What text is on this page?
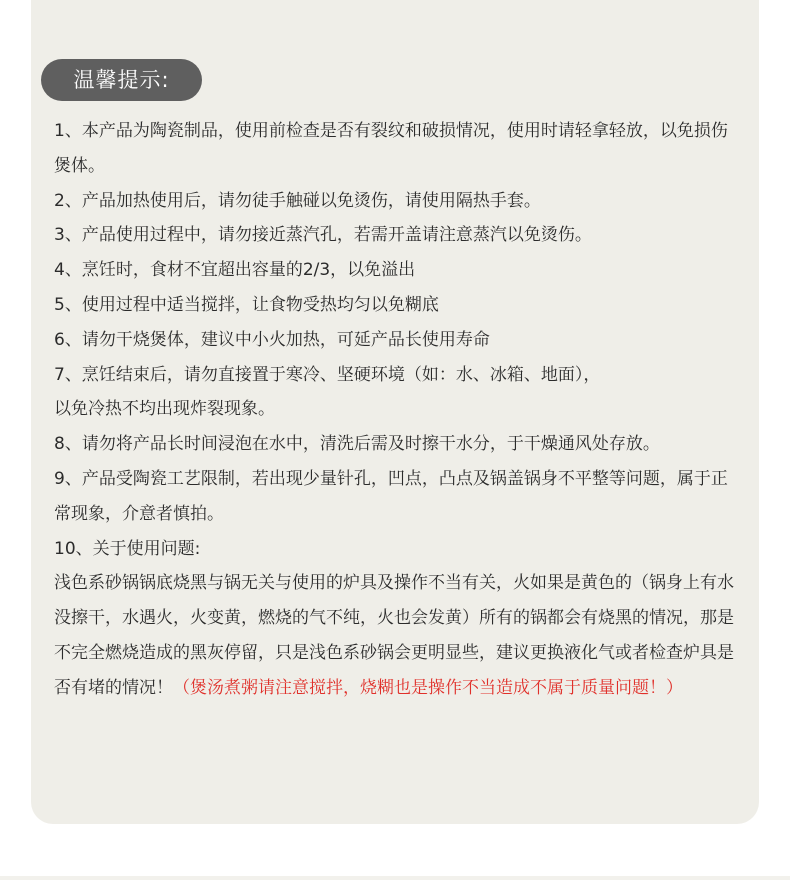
温馨提示:

1、本产品为陶瓷制品，使用前检查是否有裂纹和破损情况，使用时请轻拿轻放，以免损伤煲体。

2、产品加热使用后，请勿徒手触碰以免烫伤，请使用隔热手套。

3、产品使用过程中，请勿接近蒸汽孔，若需开盖请注意蒸汽以免烫伤。

4、烹饪时，食材不宜超出容量的2/3，以免溢出

5、使用过程中适当搅拌，让食物受热均匀以免糊底

6、请勿干烧煲体，建议中小火加热，可延产品长使用寿命

7、烹饪结束后，请勿直接置于寒冷、坚硬环境（如：水、冰箱、地面），
以免冷热不均出现炸裂现象。

8、请勿将产品长时间浸泡在水中，清洗后需及时擦干水分，于干燥通风处存放。

9、产品受陶瓷工艺限制，若出现少量针孔，凹点，凸点及锅盖锅身不平整等问题，属于正常现象，介意者慎拍。

10、关于使用问题:

浅色系砂锅锅底烧黑与锅无关与使用的炉具及操作不当有关，火如果是黄色的（锅身上有水没擦干，水遇火，火变黄，燃烧的气不纯，火也会发黄）所有的锅都会有烧黑的情况，那是不完全燃烧造成的黑灰停留，只是浅色系砂锅会更明显些，建议更换液化气或者检查炉具是否有堵的情况！（煲汤煮粥请注意搅拌，烧糊也是操作不当造成不属于质量问题！）
